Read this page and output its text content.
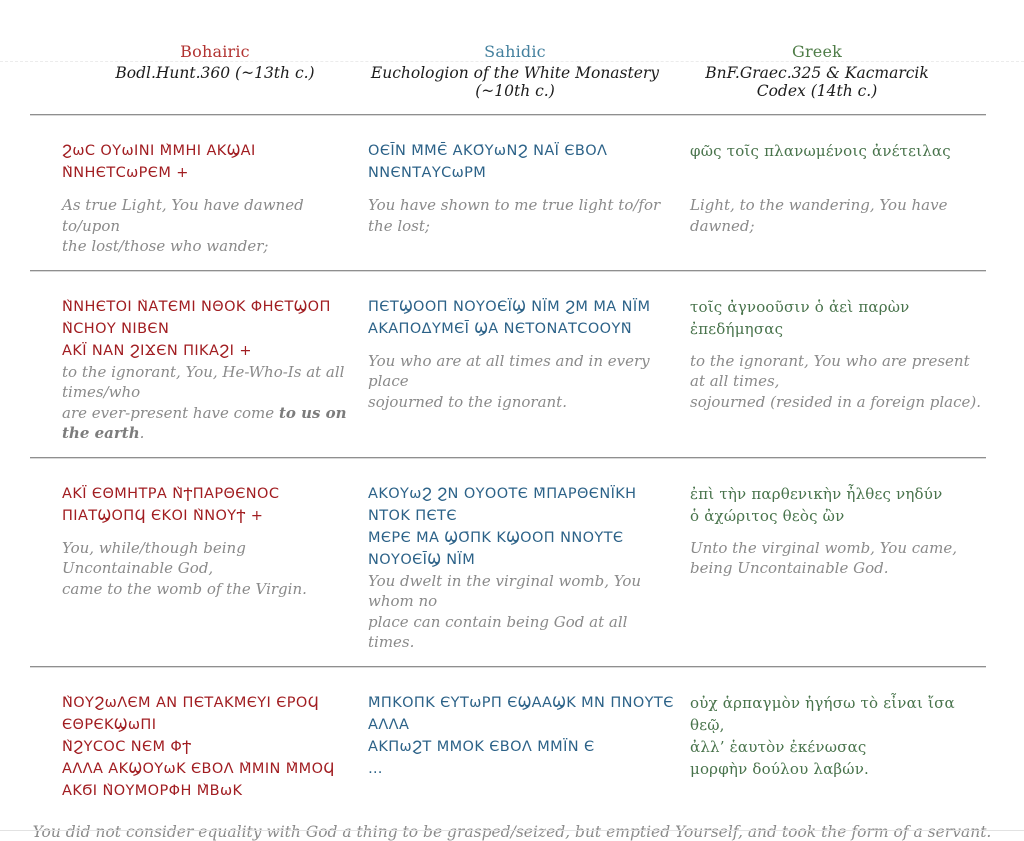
Bohairic
Bodl.Hunt.360 (~13th c.)
Sahidic
Euchologion of the White Monastery (~10th c.)
Greek
BnF.Graec.325 & Kacmarcik Codex (14th c.)
ϨωС ΟΥωΙΝΙ Μ̀ΜΗΙ ΑΚϢΑΙ Ν̀ΝΗЄΤСωΡЄΜ +
As true Light, You have dawned to/upon
the lost/those who wander;
ΟЄῙΝ Μ̄ΜЄ̄ ΑΚΟ̄ΥωΝϨ ΝΑΪ ЄΒΟΛ ΝΝЄΝΤΑΥСωΡΜ
You have shown to me true light to/for the lost;
φῶς τοῖς πλανωμένοις ἀνέτειλας
Light, to the wandering, You have dawned;
Ν̀ΝΗЄΤΟΙ Ν̀ΑΤЄΜΙ ΝΘΟΚ ΦΗЄΤϢΟΠ Ν̀СΗΟΥ ΝΙΒЄΝ
ΑΚΪ ΝΑΝ ϨΙϪЄΝ ΠΙΚΑϨΙ +
to the ignorant, You, He-Who-Is at all times/who
are ever-present have come to us on the earth.
ΠЄΤϢΟΟΠ ΝΟΥΟЄΪϢ ΝΪΜ ϨΜ ΜΑ ΝΪΜ
ΑΚΑΠΟΔΥΜЄῙ ϢΑ ΝЄΤΟΝΑΤСΟΟΥΝ̄
You who are at all times and in every place
sojourned to the ignorant.
τοῖς ἀγνοοῦσιν ὁ ἀεὶ παρὼν ἐπεδήμησας
to the ignorant, You who are present at all times,
sojourned (resided in a foreign place).
ΑΚΪ ЄΘΜΗΤΡΑ Ν̀ϮΠΑΡΘЄΝΟС
ΠΙΑΤϢΟΠϤ ЄΚΟΙ Ν̀ΝΟΥϮ +
You, while/though being Uncontainable God,
came to the womb of the Virgin.
ΑΚΟΥωϨ ϨΝ ΟΥΟΟΤЄ Μ̄ΠΑΡΘЄΝΪΚΗ ΝΤΟΚ ΠЄΤЄ
ΜЄΡЄ ΜΑ ϢΟ̄ΠΚ ΚϢΟΟΠ ΝΝΟΥΤЄ ΝΟΥΟЄῙϢ ΝΪΜ
You dwelt in the virginal womb, You whom no
place can contain being God at all times.
ἐπὶ τὴν παρθενικὴν ἦλθες νηδύν
ὁ ἀχώριτος θεὸς ὢν
Unto the virginal womb, You came,
being Uncontainable God.
Ν̀ΟΥϨωΛЄΜ ΑΝ ΠЄΤΑΚΜЄΥΙ ЄΡΟϤ ЄΘΡЄΚϢωΠΙ
Ν̀ϨΥСΟС ΝЄΜ ΦϮ
ΑΛΛΑ ΑΚϢΟΥωΚ ЄΒΟΛ Μ̀ΜΙΝ Μ̀ΜΟϤ
ΑΚϬΙ Ν̀ΟΥΜΟΡΦΗ Μ̀ΒωΚ
Μ̄ΠΚΟΠΚ ЄΥΤωΡΠ ЄϢΑΑϢΚ ΜΝ ΠΝΟΥΤЄ ΑΛΛΑ
ΑΚΠωϨΤ ΜΜΟΚ ЄΒΟΛ ΜΜΪΝ Є
…
οὐχ ἁρπαγμὸν ἡγήσω τὸ εἶναι ἴσα θεῷ,
ἀλλ’ ἑαυτὸν ἐκένωσας
μορφὴν δούλου λαβών.
You did not consider equality with God a thing to be grasped/seized, but emptied Yourself, and took the form of a servant.
